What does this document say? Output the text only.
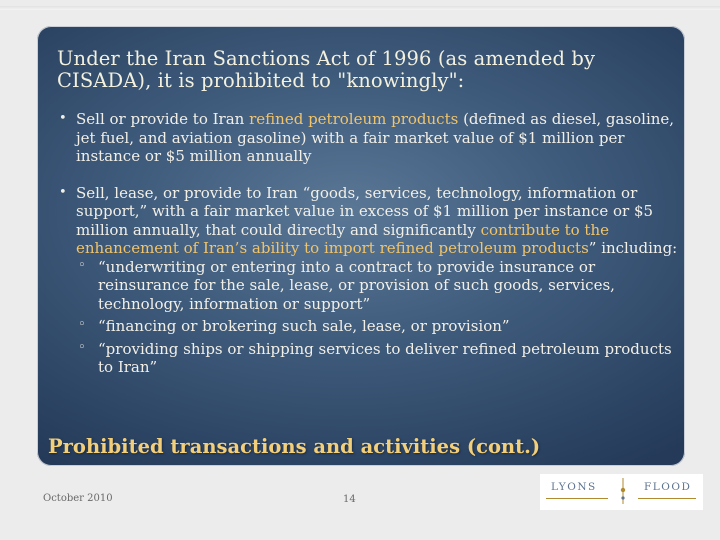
Under the Iran Sanctions Act of 1996 (as amended by CISADA), it is prohibited to "knowingly":
• Sell or provide to Iran refined petroleum products (defined as diesel, gasoline, jet fuel, and aviation gasoline) with a fair market value of $1 million per instance or $5 million annually
• Sell, lease, or provide to Iran “goods, services, technology, information or support,” with a fair market value in excess of $1 million per instance or $5 million annually, that could directly and significantly contribute to the enhancement of Iran’s ability to import refined petroleum products” including:
◦ “underwriting or entering into a contract to provide insurance or reinsurance for the sale, lease, or provision of such goods, services, technology, information or support”
◦ “financing or brokering such sale, lease, or provision”
◦ “providing ships or shipping services to deliver refined petroleum products to Iran”
Prohibited transactions and activities (cont.)
October 2010	14
LYONS	FLOOD
